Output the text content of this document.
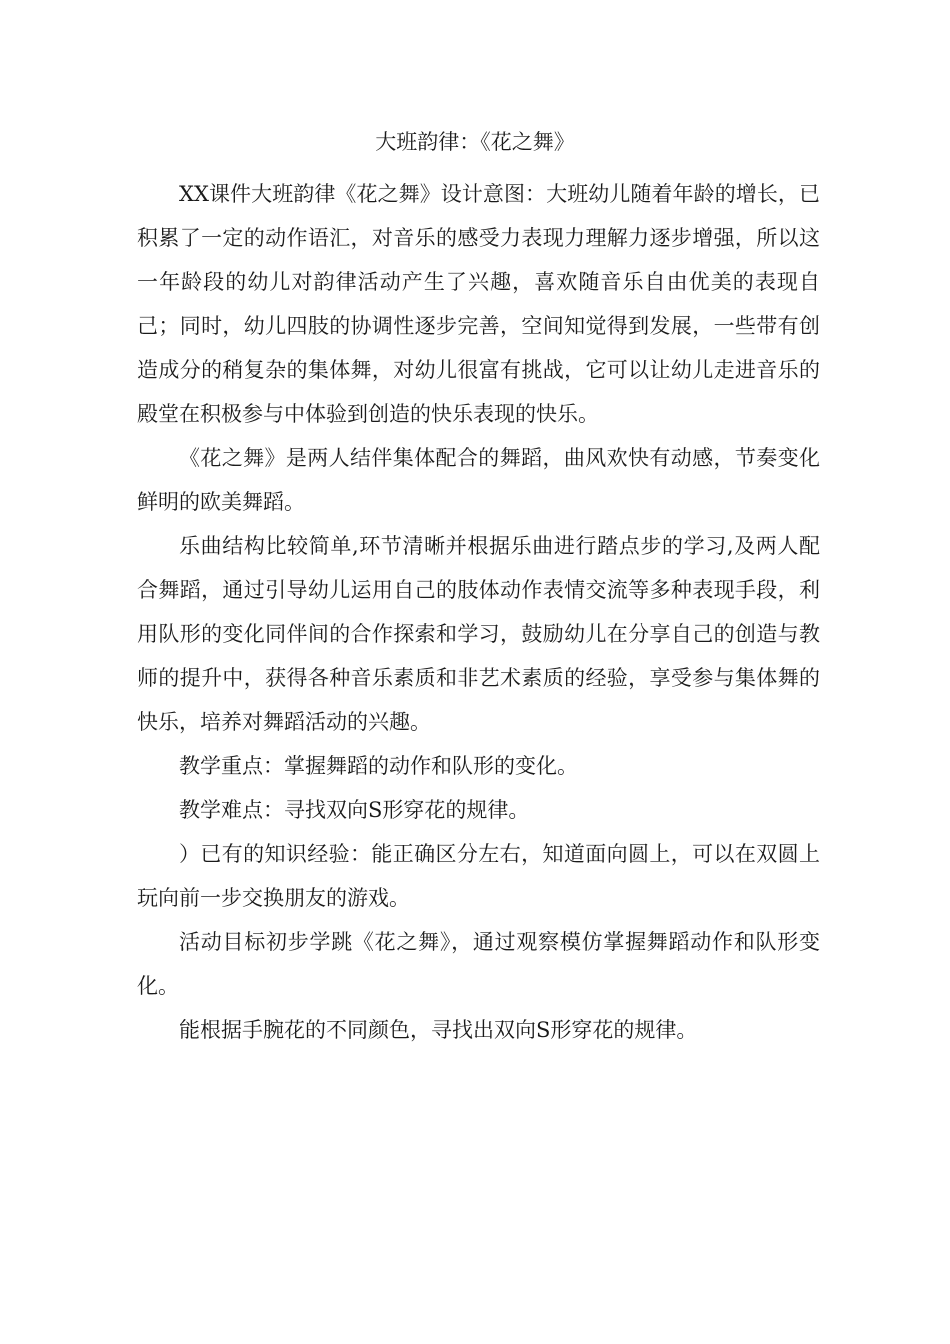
大班韵律：《花之舞》

XX课件大班韵律《花之舞》设计意图：大班幼儿随着年龄的增长，已积累了一定的动作语汇，对音乐的感受力表现力理解力逐步增强，所以这一年龄段的幼儿对韵律活动产生了兴趣，喜欢随音乐自由优美的表现自己；同时，幼儿四肢的协调性逐步完善，空间知觉得到发展，一些带有创造成分的稍复杂的集体舞，对幼儿很富有挑战，它可以让幼儿走进音乐的殿堂在积极参与中体验到创造的快乐表现的快乐。

《花之舞》是两人结伴集体配合的舞蹈，曲风欢快有动感，节奏变化鲜明的欧美舞蹈。

乐曲结构比较简单,环节清晰并根据乐曲进行踏点步的学习,及两人配合舞蹈，通过引导幼儿运用自己的肢体动作表情交流等多种表现手段，利用队形的变化同伴间的合作探索和学习，鼓励幼儿在分享自己的创造与教师的提升中，获得各种音乐素质和非艺术素质的经验，享受参与集体舞的快乐，培养对舞蹈活动的兴趣。

教学重点：掌握舞蹈的动作和队形的变化。

教学难点：寻找双向S形穿花的规律。

）已有的知识经验：能正确区分左右，知道面向圆上，可以在双圆上玩向前一步交换朋友的游戏。

活动目标初步学跳《花之舞》，通过观察模仿掌握舞蹈动作和队形变化。

能根据手腕花的不同颜色，寻找出双向S形穿花的规律。
